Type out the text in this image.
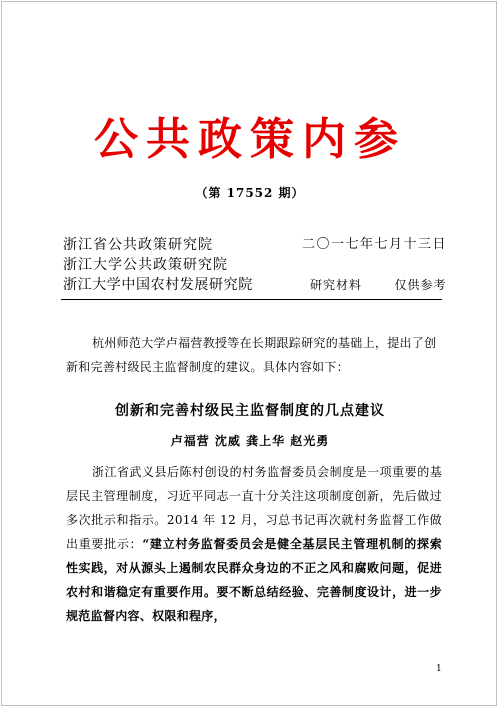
公共政策内参
（第 17552 期）
浙江省公共政策研究院
浙江大学公共政策研究院
浙江大学中国农村发展研究院
二〇一七年七月十三日
研究材料   仅供参考
杭州师范大学卢福营教授等在长期跟踪研究的基础上，提出了创新和完善村级民主监督制度的建议。具体内容如下：
创新和完善村级民主监督制度的几点建议
卢福营 沈威 龚上华 赵光勇
浙江省武义县后陈村创设的村务监督委员会制度是一项重要的基层民主管理制度，习近平同志一直十分关注这项制度创新，先后做过多次批示和指示。2014 年 12 月，习总书记再次就村务监督工作做出重要批示：“建立村务监督委员会是健全基层民主管理机制的探索性实践，对从源头上遏制农民群众身边的不正之风和腐败问题，促进农村和谐稳定有重要作用。要不断总结经验、完善制度设计，进一步规范监督内容、权限和程序，
1
